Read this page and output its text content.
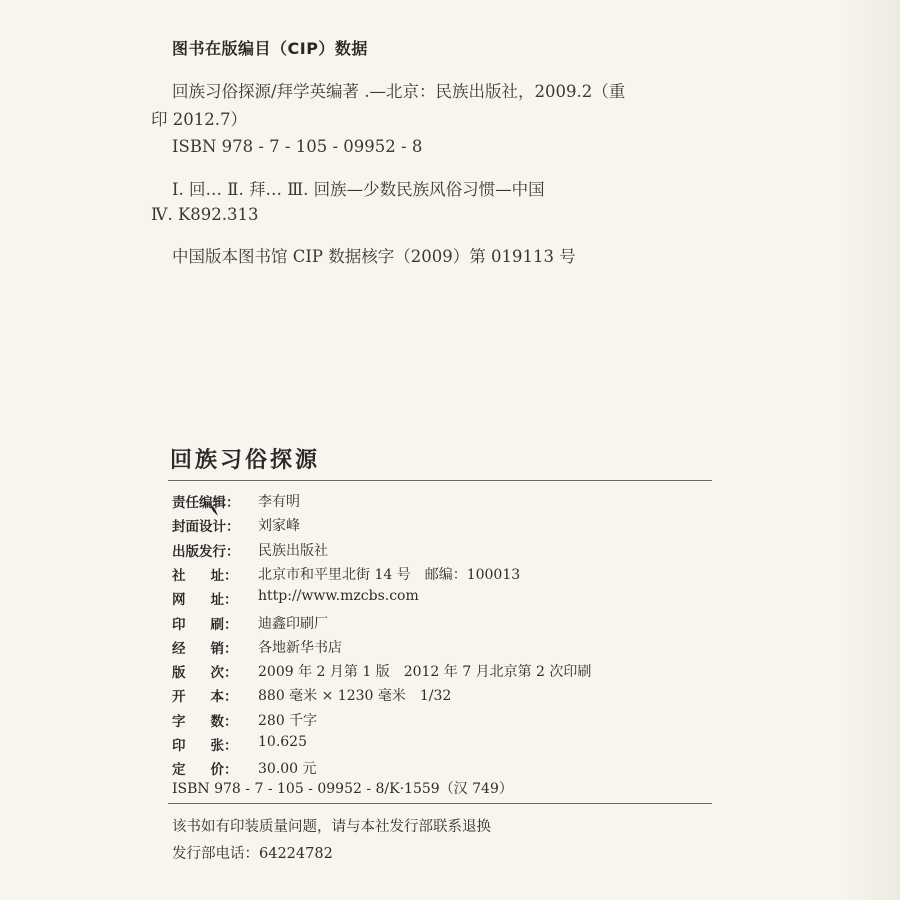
图书在版编目（CIP）数据
回族习俗探源/拜学英编著 .—北京：民族出版社，2009.2（重
印 2012.7）
ISBN 978 - 7 - 105 - 09952 - 8
Ⅰ. 回… Ⅱ. 拜… Ⅲ. 回族—少数民族风俗习惯—中国
Ⅳ. K892.313
中国版本图书馆 CIP 数据核字（2009）第 019113 号
回族习俗探源
责任编辑：	李有明
封面设计：	刘家峰
出版发行：	民族出版社
社 址 ：	北京市和平里北街 14 号　邮编：100013
网 址 ：	http://www.mzcbs.com
印 刷 ：	迪鑫印刷厂
经 销 ：	各地新华书店
版 次 ：	2009 年 2 月第 1 版　2012 年 7 月北京第 2 次印刷
开 本 ：	880 毫米 × 1230 毫米　1/32
字 数 ：	280 千字
印 张 ：	10.625
定 价 ：	30.00 元
ISBN 978 - 7 - 105 - 09952 - 8/K·1559（汉 749）
该书如有印装质量问题，请与本社发行部联系退换
发行部电话：64224782
